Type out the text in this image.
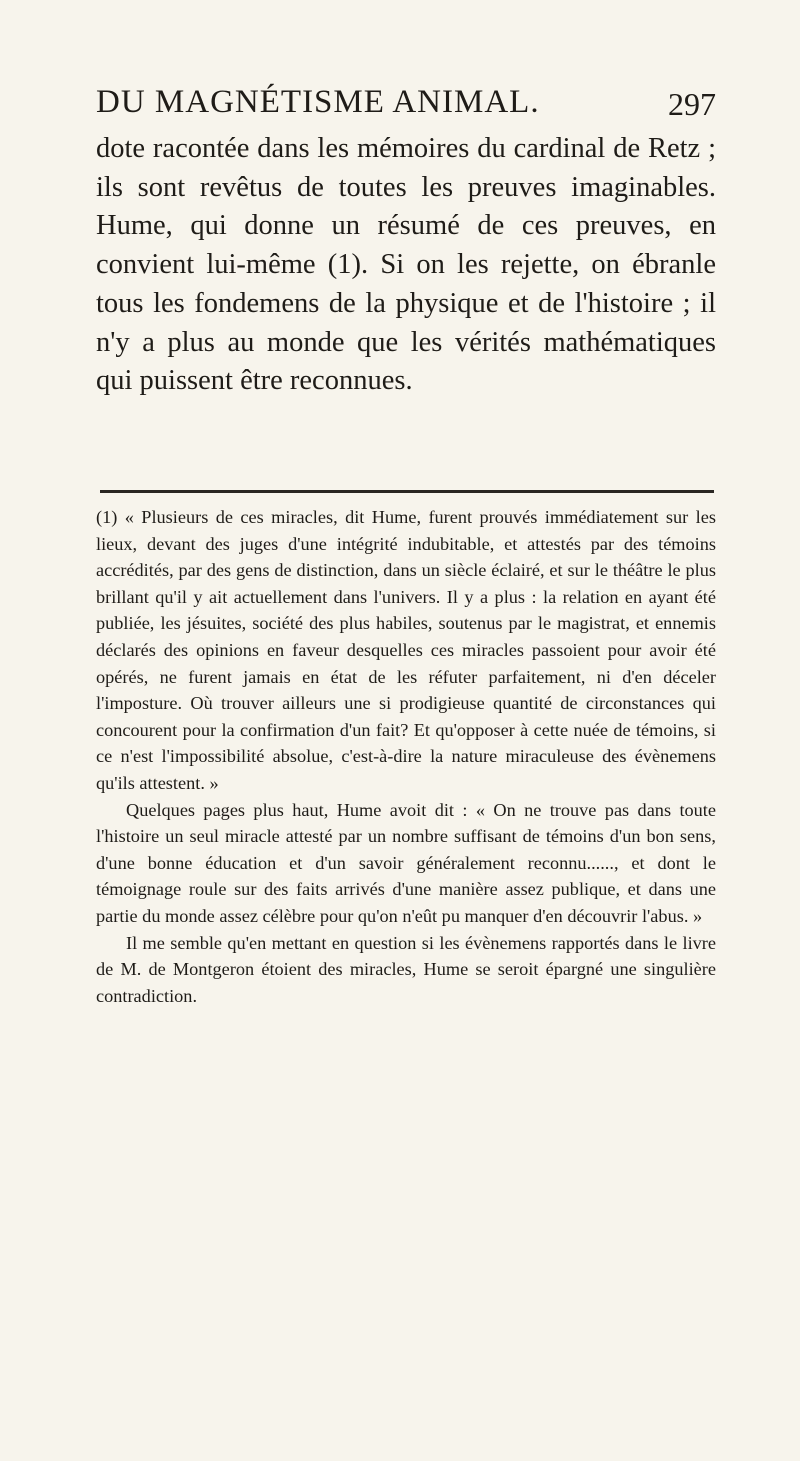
DU MAGNÉTISME ANIMAL.	297

dote racontée dans les mémoires du cardinal de Retz ; ils sont revêtus de toutes les preuves imaginables. Hume, qui donne un résumé de ces preuves, en convient lui-même (1). Si on les rejette, on ébranle tous les fondemens de la physique et de l'histoire ; il n'y a plus au monde que les vérités mathématiques qui puissent être reconnues.

(1) « Plusieurs de ces miracles, dit Hume, furent prouvés immédiatement sur les lieux, devant des juges d'une intégrité indubitable, et attestés par des témoins accrédités, par des gens de distinction, dans un siècle éclairé, et sur le théâtre le plus brillant qu'il y ait actuellement dans l'univers. Il y a plus : la relation en ayant été publiée, les jésuites, société des plus habiles, soutenus par le magistrat, et ennemis déclarés des opinions en faveur desquelles ces miracles passoient pour avoir été opérés, ne furent jamais en état de les réfuter parfaitement, ni d'en déceler l'imposture. Où trouver ailleurs une si prodigieuse quantité de circonstances qui concourent pour la confirmation d'un fait? Et qu'opposer à cette nuée de témoins, si ce n'est l'impossibilité absolue, c'est-à-dire la nature miraculeuse des évènemens qu'ils attestent. »

Quelques pages plus haut, Hume avoit dit : « On ne trouve pas dans toute l'histoire un seul miracle attesté par un nombre suffisant de témoins d'un bon sens, d'une bonne éducation et d'un savoir généralement reconnu......, et dont le témoignage roule sur des faits arrivés d'une manière assez publique, et dans une partie du monde assez célèbre pour qu'on n'eût pu manquer d'en découvrir l'abus. »

Il me semble qu'en mettant en question si les évènemens rapportés dans le livre de M. de Montgeron étoient des miracles, Hume se seroit épargné une singulière contradiction.
